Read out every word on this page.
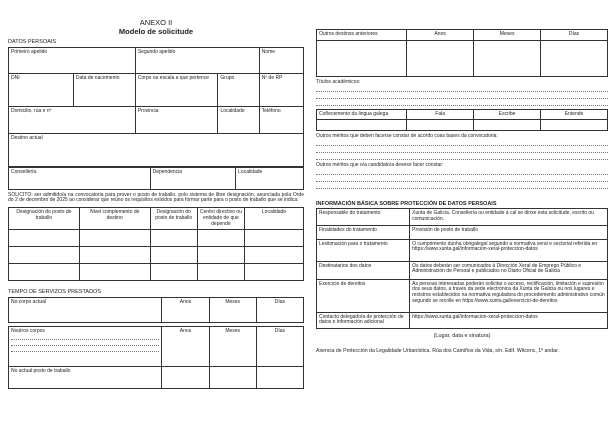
ANEXO II
Modelo de solicitude
DATOS PERSOAIS
Primeiro apelido		Segundo apelido		Nome
DNI	Data de nacemento	Corpo ou escala a que pertence	Grupo	Nº de RP
Domicilio, rúa e nº		Provincia	Localidade	Teléfono
Destino actual				
Consellería	Dependencia	Localidade
SOLICITO: ser admitido/a na convocatoria para prover o posto de traballo, polo sistema de libre designación, anunciada pola Orde do 2 de decembro de 2025 ao considerar que reúno os requisitos exixidos para formar parte para o posto de traballo que se indica:
Designación do posto de traballo	Nivel complemento de destino	Designación do posto de traballo	Centro directivo ou entidade de que depende	Localidade

TEMPO DE SERVIZOS PRESTADOS
No corpo actual	Anos	Meses	Días
Noutros corpos	Anos	Meses	Días
No actual posto de traballo			
Outros destinos anteriores	Anos	Meses	Días

Títulos académicos:
Coñecemento da lingua galega	Fala	Escribe	Entende

Outros méritos que deben facerse constar de acordo coas bases da convocatoria:
Outros méritos que o/a candidato/a desexe facer constar:
INFORMACIÓN BÁSICA SOBRE PROTECCIÓN DE DATOS PERSOAIS
Responsable do tratamento	Xunta de Galicia. Consellería ou entidade á cal se dirixe esta solicitude, escrito ou comunicación.
Finalidades do tratamento	Provisión de posto de traballo
Lexitimación para o tratamento	O cumprimento dunha obrigalegal segundo a normativa xeral e sectorial referida en https://www.xunta.gal/informacion-xeral-proteccion-datos
Destinatarios dos datos	Os datos deberán ser comunicados á Dirección Xeral de Emprego Público e Administración de Persoal e publicados no Diario Oficial de Galicia
Exercicio de dereitos	As persoas interesadas poderán solicitar o acceso, rectificación, limitación e supresión dos seus datos, a través da sede electrónica da Xunta de Galicia ou nos lugares e rexistros establecidos na normativa reguladora do procedemento administrativo común segundo se recolle en https://www.xunta.gal/exercicio-de-dereitos
Contacto delegado/a de protección de datos e información adicional	https://www.xunta.gal/informacion-xeral-proteccion-datos
(Lugar, data e sinatura)
Axencia de Protección da Legalidade Urbanística. Rúa dos Camiños da Vida, s/n. Edif. Witcenc, 1º andar.
